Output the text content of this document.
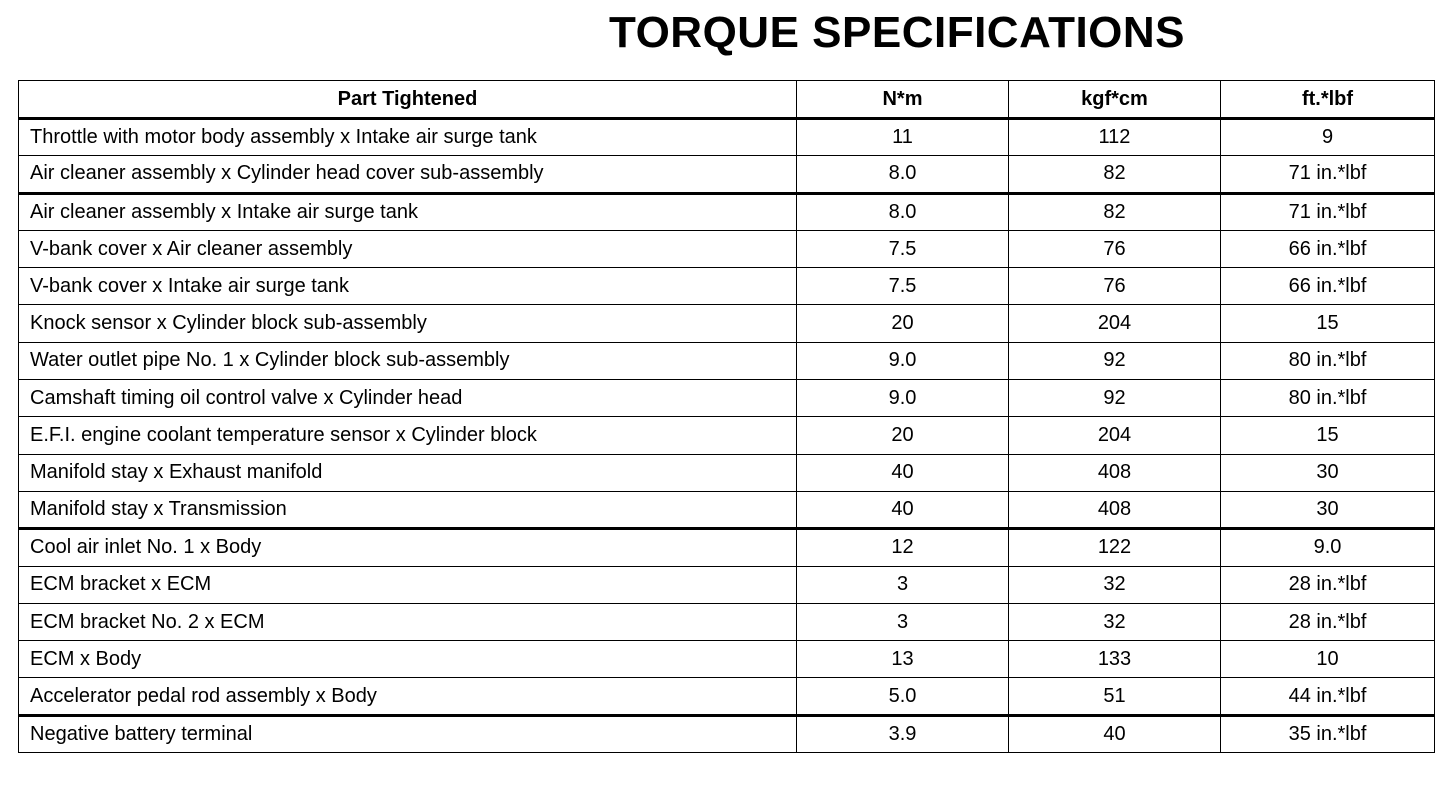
TORQUE SPECIFICATIONS
Part Tightened	N*m	kgf*cm	ft.*lbf
Throttle with motor body assembly x Intake air surge tank	11	112	9
Air cleaner assembly x Cylinder head cover sub-assembly	8.0	82	71 in.*lbf
Air cleaner assembly x Intake air surge tank	8.0	82	71 in.*lbf
V-bank cover x Air cleaner assembly	7.5	76	66 in.*lbf
V-bank cover x Intake air surge tank	7.5	76	66 in.*lbf
Knock sensor x Cylinder block sub-assembly	20	204	15
Water outlet pipe No. 1 x Cylinder block sub-assembly	9.0	92	80 in.*lbf
Camshaft timing oil control valve x Cylinder head	9.0	92	80 in.*lbf
E.F.I. engine coolant temperature sensor x Cylinder block	20	204	15
Manifold stay x Exhaust manifold	40	408	30
Manifold stay x Transmission	40	408	30
Cool air inlet No. 1 x Body	12	122	9.0
ECM bracket x ECM	3	32	28 in.*lbf
ECM bracket No. 2 x ECM	3	32	28 in.*lbf
ECM x Body	13	133	10
Accelerator pedal rod assembly x Body	5.0	51	44 in.*lbf
Negative battery terminal	3.9	40	35 in.*lbf
